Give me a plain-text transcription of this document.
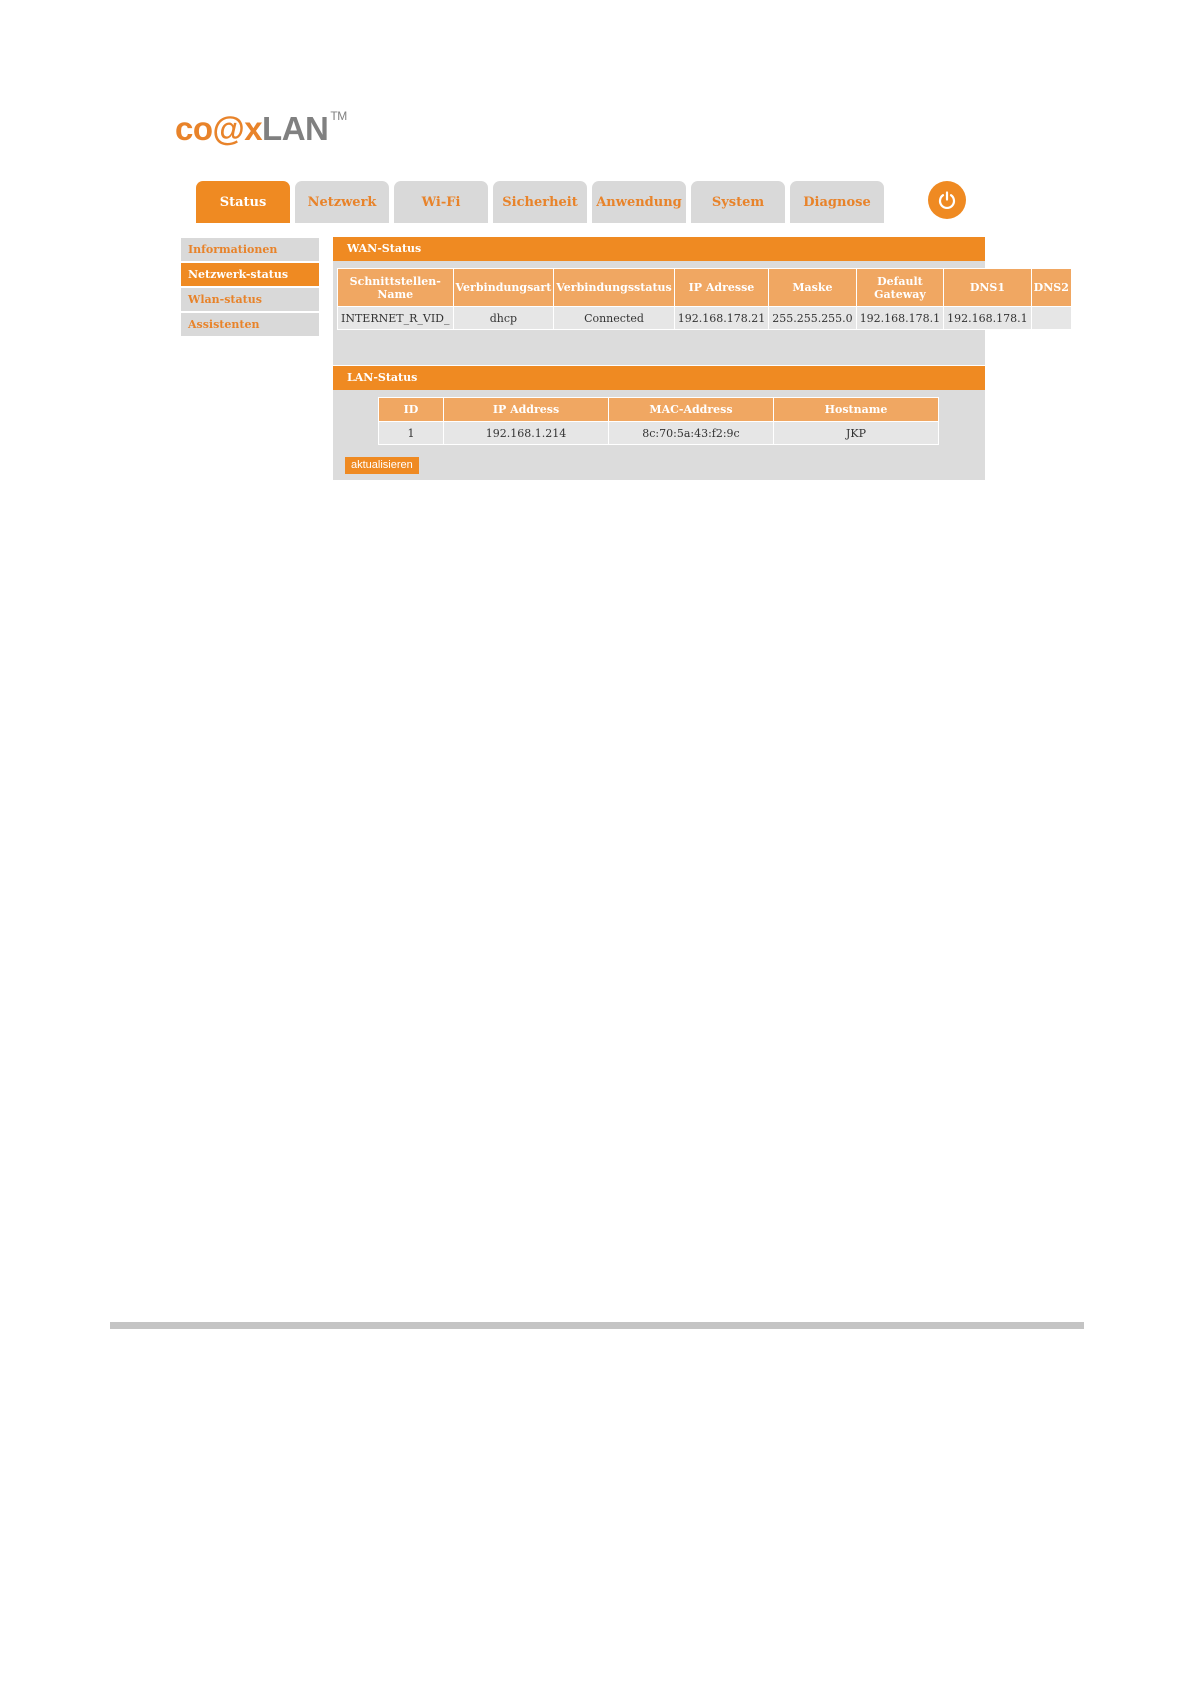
co@xLAN ™
Status	Netzwerk	Wi-Fi	Sicherheit	Anwendung	System	Diagnose
Informationen
Netzwerk-status
Wlan-status
Assistenten
WAN-Status
Schnittstellen-Name	Verbindungsart	Verbindungsstatus	IP Adresse	Maske	Default Gateway	DNS1	DNS2
INTERNET_R_VID_	dhcp	Connected	192.168.178.21	255.255.255.0	192.168.178.1	192.168.178.1	
LAN-Status
ID	IP Address	MAC-Address	Hostname
1	192.168.1.214	8c:70:5a:43:f2:9c	JKP
aktualisieren
